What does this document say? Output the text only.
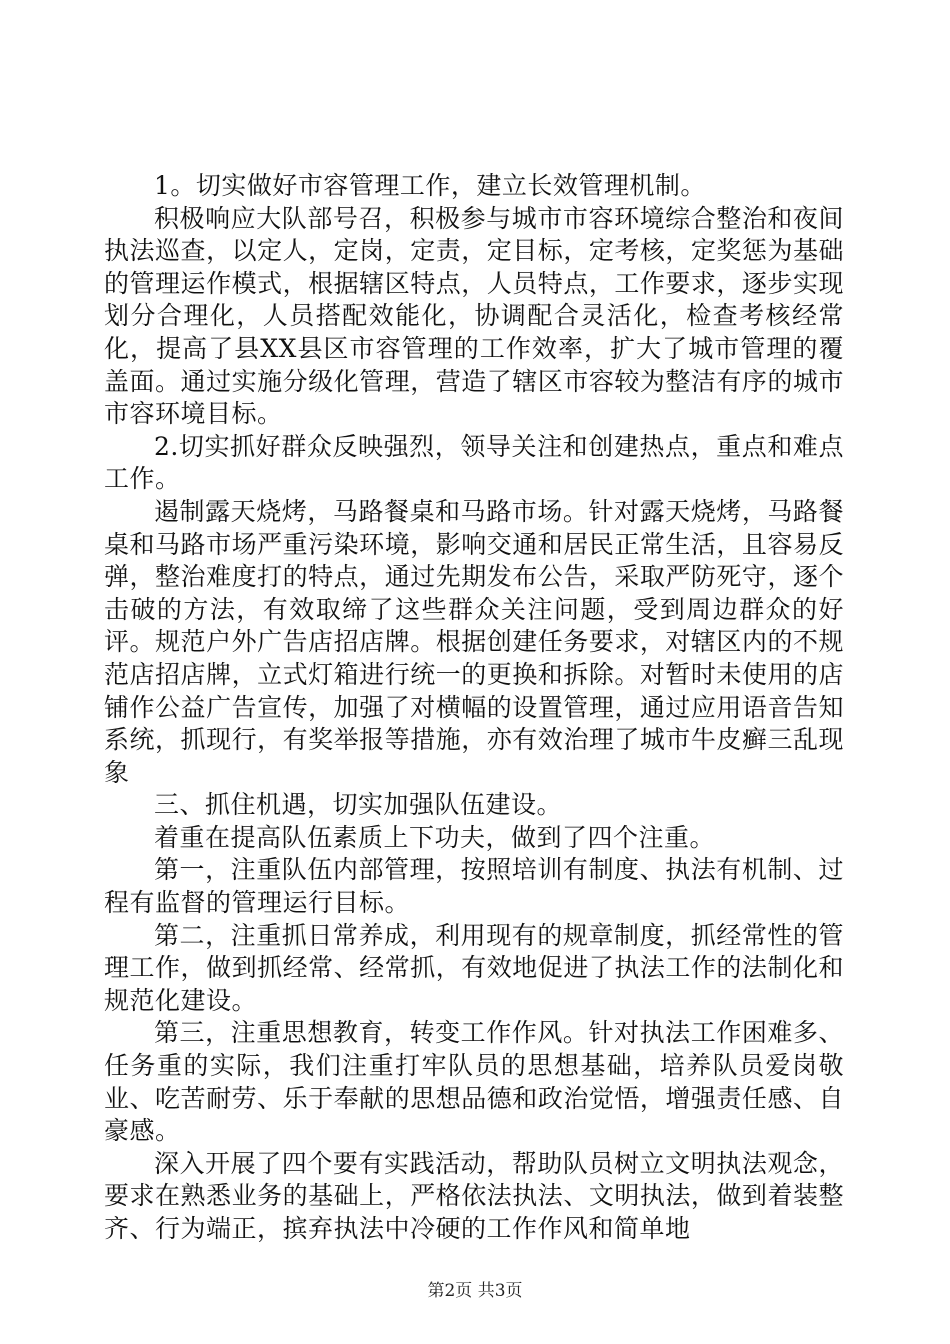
1。切实做好市容管理工作，建立长效管理机制。

积极响应大队部号召，积极参与城市市容环境综合整治和夜间执法巡查，以定人，定岗，定责，定目标，定考核，定奖惩为基础的管理运作模式，根据辖区特点，人员特点，工作要求，逐步实现划分合理化，人员搭配效能化，协调配合灵活化，检查考核经常化，提高了县XX县区市容管理的工作效率，扩大了城市管理的覆盖面。通过实施分级化管理，营造了辖区市容较为整洁有序的城市市容环境目标。

2.切实抓好群众反映强烈，领导关注和创建热点，重点和难点工作。

遏制露天烧烤，马路餐桌和马路市场。针对露天烧烤，马路餐桌和马路市场严重污染环境，影响交通和居民正常生活，且容易反弹，整治难度打的特点，通过先期发布公告，采取严防死守，逐个击破的方法，有效取缔了这些群众关注问题，受到周边群众的好评。规范户外广告店招店牌。根据创建任务要求，对辖区内的不规范店招店牌，立式灯箱进行统一的更换和拆除。对暂时未使用的店铺作公益广告宣传，加强了对横幅的设置管理，通过应用语音告知系统，抓现行，有奖举报等措施，亦有效治理了城市牛皮癣三乱现象

三、抓住机遇，切实加强队伍建设。

着重在提高队伍素质上下功夫，做到了四个注重。

第一，注重队伍内部管理，按照培训有制度、执法有机制、过程有监督的管理运行目标。

第二，注重抓日常养成，利用现有的规章制度，抓经常性的管理工作，做到抓经常、经常抓，有效地促进了执法工作的法制化和规范化建设。

第三，注重思想教育，转变工作作风。针对执法工作困难多、任务重的实际，我们注重打牢队员的思想基础，培养队员爱岗敬业、吃苦耐劳、乐于奉献的思想品德和政治觉悟，增强责任感、自豪感。

深入开展了四个要有实践活动，帮助队员树立文明执法观念，要求在熟悉业务的基础上，严格依法执法、文明执法，做到着装整齐、行为端正，摈弃执法中冷硬的工作作风和简单地

第2页 共3页
